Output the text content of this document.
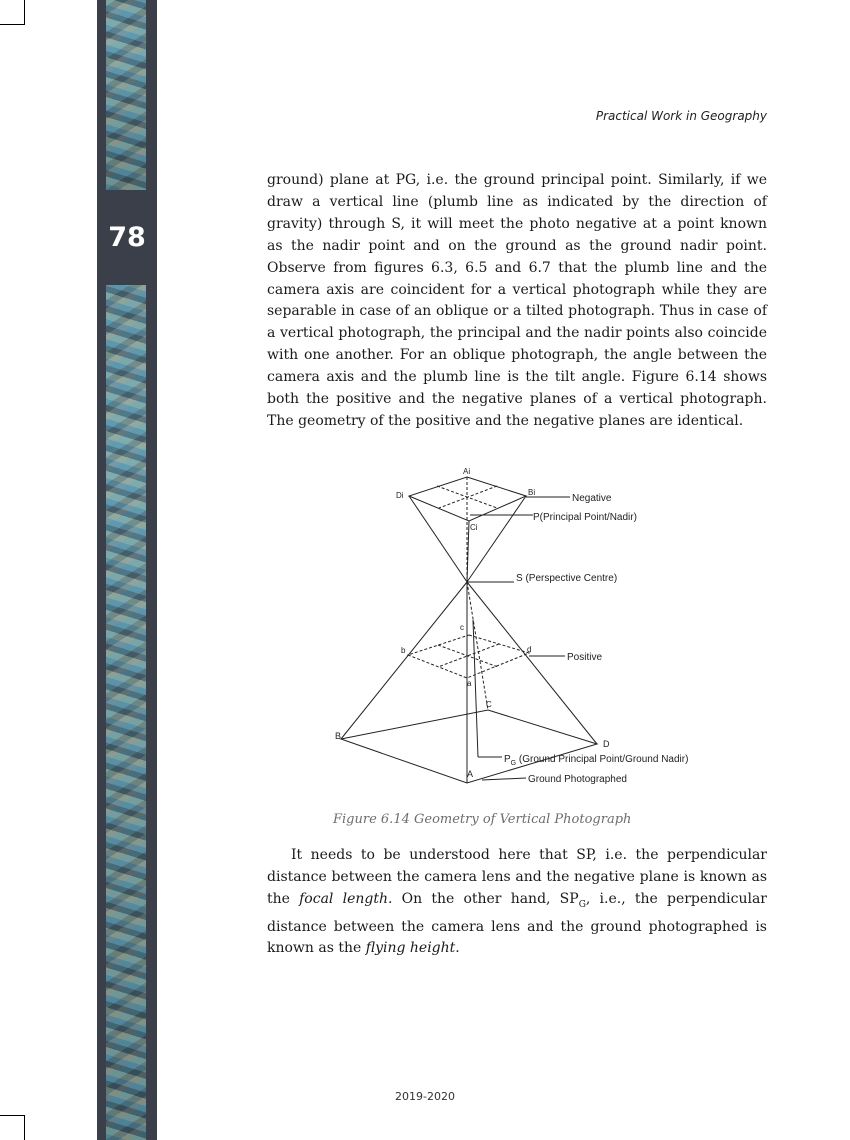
78
Practical Work in Geography
ground) plane at PG, i.e. the ground principal point. Similarly, if we draw a vertical line (plumb line as indicated by the direction of gravity) through S, it will meet the photo negative at a point known as the nadir point and on the ground as the ground nadir point. Observe from figures 6.3, 6.5 and 6.7 that the plumb line and the camera axis are coincident for a vertical photograph while they are separable in case of an oblique or a tilted photograph. Thus in case of a vertical photograph, the principal and the nadir points also coincide with one another. For an oblique photograph, the angle between the camera axis and the plumb line is the tilt angle. Figure 6.14 shows both the positive and the negative planes of a vertical photograph. The geometry of the positive and the negative planes are identical.
Ai
Bi
Ci
Di	Negative
P(Principal Point/Nadir)
S (Perspective Centre)
b
c
d
a
Positive
B
C
D
A
$P_G$ (Ground Principal Point/Ground Nadir)
Ground Photographed
Figure 6.14 Geometry of Vertical Photograph

It needs to be understood here that SP, i.e. the perpendicular distance between the camera lens and the negative plane is known as the focal length. On the other hand, $SP_G$, i.e., the perpendicular distance between the camera lens and the ground photographed is known as the flying height.

2019-2020
